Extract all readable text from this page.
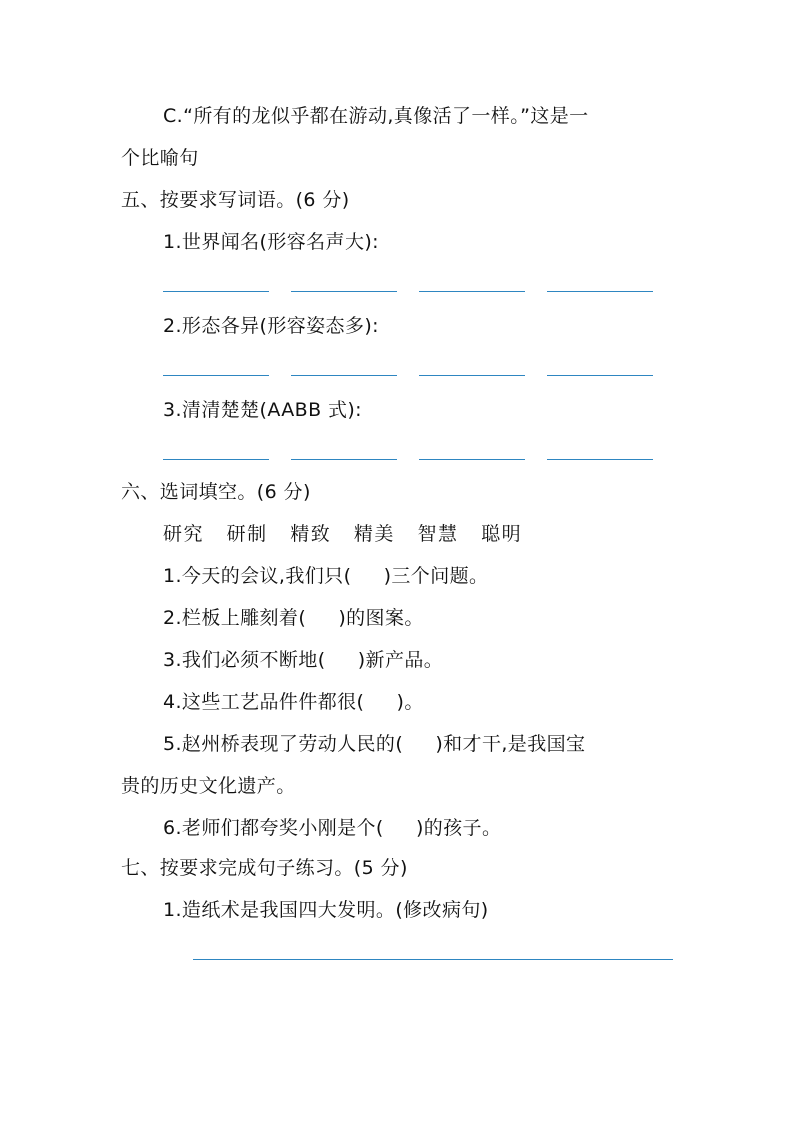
C.“所有的龙似乎都在游动,真像活了一样。”这是一
个比喻句
五、按要求写词语。(6 分)
1.世界闻名(形容名声大):
2.形态各异(形容姿态多):
3.清清楚楚(AABB 式):
六、选词填空。(6 分)
研究   研制   精致   精美   智慧   聪明
1.今天的会议,我们只(     )三个问题。
2.栏板上雕刻着(     )的图案。
3.我们必须不断地(     )新产品。
4.这些工艺品件件都很(     )。
5.赵州桥表现了劳动人民的(     )和才干,是我国宝
贵的历史文化遗产。
6.老师们都夸奖小刚是个(     )的孩子。
七、按要求完成句子练习。(5 分)
1.造纸术是我国四大发明。(修改病句)
